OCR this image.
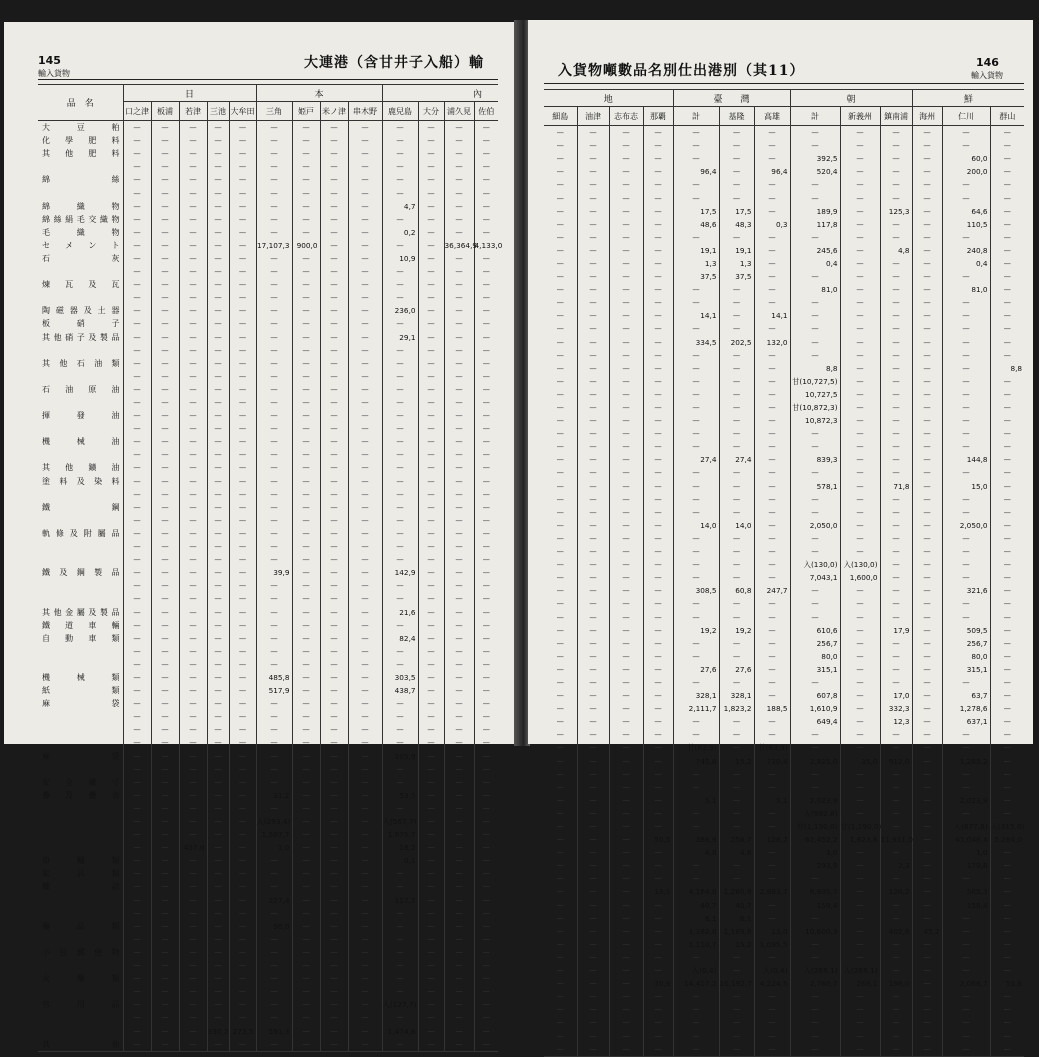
145
輸入貨物
大連港（含甘井子入船）輸
品　名	日					本				內			
	口之津	板浦	若津	三池	大牟田	三角	姫戸	米ノ津	串木野	鹿兒島	大分	浦久見	佐伯
大豆粕	—	—	—	—	—	—	—	—	—	—	—	—	—
化學肥料	—	—	—	—	—	—	—	—	—	—	—	—	—
其他肥料	—	—	—	—	—	—	—	—	—	—	—	—	—
	—	—	—	—	—	—	—	—	—	—	—	—	—
綿絲	—	—	—	—	—	—	—	—	—	—	—	—	—
	—	—	—	—	—	—	—	—	—	—	—	—	—
綿織物	—	—	—	—	—	—	—	—	—	4,7	—	—	—
綿絲絹毛交織物	—	—	—	—	—	—	—	—	—	—	—	—	—
毛織物	—	—	—	—	—	—	—	—	—	0,2	—	—	—
セメント	—	—	—	—	—	17,107,3	900,0	—	—	—	—	36,364,9	4,133,0
石灰	—	—	—	—	—	—	—	—	—	10,9	—	—	—
	—	—	—	—	—	—	—	—	—	—	—	—	—
煉瓦及瓦	—	—	—	—	—	—	—	—	—	—	—	—	—
	—	—	—	—	—	—	—	—	—	—	—	—	—
陶磁器及土器	—	—	—	—	—	—	—	—	—	236,0	—	—	—
板硝子	—	—	—	—	—	—	—	—	—	—	—	—	—
其他硝子及製品	—	—	—	—	—	—	—	—	—	29,1	—	—	—
	—	—	—	—	—	—	—	—	—	—	—	—	—
其他石油類	—	—	—	—	—	—	—	—	—	—	—	—	—
	—	—	—	—	—	—	—	—	—	—	—	—	—
石油原油	—	—	—	—	—	—	—	—	—	—	—	—	—
	—	—	—	—	—	—	—	—	—	—	—	—	—
揮發油	—	—	—	—	—	—	—	—	—	—	—	—	—
	—	—	—	—	—	—	—	—	—	—	—	—	—
機械油	—	—	—	—	—	—	—	—	—	—	—	—	—
	—	—	—	—	—	—	—	—	—	—	—	—	—
其他鑛油	—	—	—	—	—	—	—	—	—	—	—	—	—
塗料及染料	—	—	—	—	—	—	—	—	—	—	—	—	—
	—	—	—	—	—	—	—	—	—	—	—	—	—
鐵鋼	—	—	—	—	—	—	—	—	—	—	—	—	—
	—	—	—	—	—	—	—	—	—	—	—	—	—
軌條及附屬品	—	—	—	—	—	—	—	—	—	—	—	—	—
	—	—	—	—	—	—	—	—	—	—	—	—	—
	—	—	—	—	—	—	—	—	—	—	—	—	—
鐵及鋼製品	—	—	—	—	—	39,9	—	—	—	142,9	—	—	—
	—	—	—	—	—	—	—	—	—	—	—	—	—
	—	—	—	—	—	—	—	—	—	—	—	—	—
其他金屬及製品	—	—	—	—	—	—	—	—	—	21,6	—	—	—
鐵道車輛	—	—	—	—	—	—	—	—	—	—	—	—	—
自動車類	—	—	—	—	—	—	—	—	—	82,4	—	—	—
	—	—	—	—	—	—	—	—	—	—	—	—	—
	—	—	—	—	—	—	—	—	—	—	—	—	—
機械類	—	—	—	—	—	485,8	—	—	—	303,5	—	—	—
紙類	—	—	—	—	—	517,9	—	—	—	438,7	—	—	—
麻袋	—	—	—	—	—	—	—	—	—	—	—	—	—
	—	—	—	—	—	—	—	—	—	—	—	—	—
	—	—	—	—	—	—	—	—	—	—	—	—	—
	—	—	—	—	—	—	—	—	—	—	—	—	—
麻袋	—	—	—	—	—	—	—	—	—	105,9	—	—	—
	—	—	—	—	—	—	—	—	—	—	—	—	—
安全燐寸	—	—	—	—	—	—	—	—	—	—	—	—	—
疊及疊表	—	—	—	—	—	31,2	—	—	—	53,5	—	—	—
	—	—	—	—	—	—	—	—	—	—	—	—	—
	—	—	—	—	—	入(293,4)	—	—	—	入(567,7)	—	—	—
	—	—	—	—	—	1,507,7	—	—	—	1,875,7	—	—	—
	—	—	437,0	—	—	1,0	—	—	—	18,2	—	—	—
車輛類	—	—	—	—	—	—	—	—	—	0,1	—	—	—
家具類	—	—	—	—	—	—	—	—	—	—	—	—	—
鑵詰	—	—	—	—	—	—	—	—	—	—	—	—	—
	—	—	—	—	—	227,4	—	—	—	117,7	—	—	—
	—	—	—	—	—	—	—	—	—	—	—	—	—
藥品類	—	—	—	—	—	90,0	—	—	—	—	—	—	—
	—	—	—	—	—	—	—	—	—	—	—	—	—
小包郵便物	—	—	—	—	—	—	—	—	—	—	—	—	—
	—	—	—	—	—	—	—	—	—	—	—	—	—
火藥類	—	—	—	—	—	—	—	—	—	—	—	—	—
	—	—	—	—	—	—	—	—	—	—	—	—	—
官用品	—	—	—	—	—	—	—	—	—	入(127,7)	—	—	—
	—	—	—	—	—	—	—	—	—	—	—	—	—
	—	—	—	330,2	273,5	591,3	—	—	—	1,474,8	—	—	—
其他	—	—	—	—	—	—	—	—	—	—	—	—	—
入貨物噸數品名別仕出港別（其11）
146
輸入貨物
地				臺　　灣			朝			鮮		
細島	油津	志布志	那覇	計	基隆	高雄	計	新義州	鎮南浦	海州	仁川	群山
—	—	—	—	—	—	—	—	—	—	—	—	—
—	—	—	—	—	—	—	—	—	—	—	—	—
—	—	—	—	—	—	—	392,5	—	—	—	60,0	—
—	—	—	—	96,4	—	96,4	520,4	—	—	—	200,0	—
—	—	—	—	—	—	—	—	—	—	—	—	—
—	—	—	—	—	—	—	—	—	—	—	—	—
—	—	—	—	17,5	17,5	—	189,9	—	125,3	—	64,6	—
—	—	—	—	48,6	48,3	0,3	117,8	—	—	—	110,5	—
—	—	—	—	—	—	—	—	—	—	—	—	—
—	—	—	—	19,1	19,1	—	245,6	—	4,8	—	240,8	—
—	—	—	—	1,3	1,3	—	0,4	—	—	—	0,4	—
—	—	—	—	37,5	37,5	—	—	—	—	—	—	—
—	—	—	—	—	—	—	81,0	—	—	—	81,0	—
—	—	—	—	—	—	—	—	—	—	—	—	—
—	—	—	—	14,1	—	14,1	—	—	—	—	—	—
—	—	—	—	—	—	—	—	—	—	—	—	—
—	—	—	—	334,5	202,5	132,0	—	—	—	—	—	—
—	—	—	—	—	—	—	—	—	—	—	—	—
—	—	—	—	—	—	—	8,8	—	—	—	—	8,8
—	—	—	—	—	—	—	甘(10,727,5)	—	—	—	—	—
—	—	—	—	—	—	—	10,727,5	—	—	—	—	—
—	—	—	—	—	—	—	甘(10,872,3)	—	—	—	—	—
—	—	—	—	—	—	—	10,872,3	—	—	—	—	—
—	—	—	—	—	—	—	—	—	—	—	—	—
—	—	—	—	—	—	—	—	—	—	—	—	—
—	—	—	—	27,4	27,4	—	839,3	—	—	—	144,8	—
—	—	—	—	—	—	—	—	—	—	—	—	—
—	—	—	—	—	—	—	578,1	—	71,8	—	15,0	—
—	—	—	—	—	—	—	—	—	—	—	—	—
—	—	—	—	—	—	—	—	—	—	—	—	—
—	—	—	—	14,0	14,0	—	2,050,0	—	—	—	2,050,0	—
—	—	—	—	—	—	—	—	—	—	—	—	—
—	—	—	—	—	—	—	—	—	—	—	—	—
—	—	—	—	—	—	—	入(130,0)	入(130,0)	—	—	—	—
—	—	—	—	—	—	—	7,043,1	1,600,0	—	—	—	—
—	—	—	—	308,5	60,8	247,7	—	—	—	—	321,6	—
—	—	—	—	—	—	—	—	—	—	—	—	—
—	—	—	—	—	—	—	—	—	—	—	—	—
—	—	—	—	19,2	19,2	—	610,6	—	17,9	—	509,5	—
—	—	—	—	—	—	—	256,7	—	—	—	256,7	—
—	—	—	—	—	—	—	80,0	—	—	—	80,0	—
—	—	—	—	27,6	27,6	—	315,1	—	—	—	315,1	—
—	—	—	—	—	—	—	—	—	—	—	—	—
—	—	—	—	328,1	328,1	—	607,8	—	17,0	—	63,7	—
—	—	—	—	2,111,7	1,823,2	188,5	1,610,9	—	332,3	—	1,278,6	—
—	—	—	—	—	—	—	649,4	—	12,3	—	637,1	—
—	—	—	—	—	—	—	—	—	—	—	—	—
—	—	—	—	甘(63,9)	—	甘(63,9)	—	—	—	—	—	—
—	—	—	—	745,6	15,2	730,4	2,925,0	35,0	912,0	—	1,285,2	—
—	—	—	—	—	—	—	—	—	—	—	—	—
—	—	—	—	—	—	—	—	—	—	—	—	—
—	—	—	—	5,1	—	5,1	2,023,9	—	—	—	2,023,9	—
—	—	—	—	—	—	—	入(992,8)	—	—	—	—	—
—	—	—	—	—	—	—	甘(1,190,0)	甘(1,190,0)	—	—	入(677,8)	入(315,0)
—	—	—	50,5	386,9	258,7	128,2	62,452,2	1,623,8	11,911,0	—	41,048,4	5,284,0
—	—	—	—	4,8	4,8	—	1,0	—	—	—	1,0	—
—	—	—	—	—	—	—	293,9	—	2,3	—	179,8	—
—	—	—	—	—	—	—	—	—	—	—	—	—
—	—	—	13,1	4,164,6	1,280,9	2,883,7	6,935,7	—	120,2	—	585,3	—
—	—	—	—	40,7	40,7	—	159,4	—	—	—	158,4	—
—	—	—	—	6,1	6,1	—	—	—	—	—	—	—
—	—	—	—	1,182,8	1,169,8	13,0	10,600,3	—	402,6	45,2	—	—
—	—	—	—	1,110,7	15,2	1,095,5	—	—	—	—	—	—
—	—	—	—	—	—	—	—	—	—	—	—	—
—	—	—	—	入(0,4)	—	入(0,4)	入(268,1)	入(268,1)	—	—	—	—
—	—	—	30,6	14,417,2	10,192,7	4,224,5	2,760,7	268,1	196,0	—	2,068,7	51,6
—	—	—	—	—	—	—	—	—	—	—	—	—
—	—	—	—	—	—	—	—	—	—	—	—	—
—	—	—	—	—	—	—	—	—	—	—	—	—
—	—	—	—	—	—	—	—	—	—	—	—	—
—	—	—	—	—	—	—	—	—	—	—	—	—
